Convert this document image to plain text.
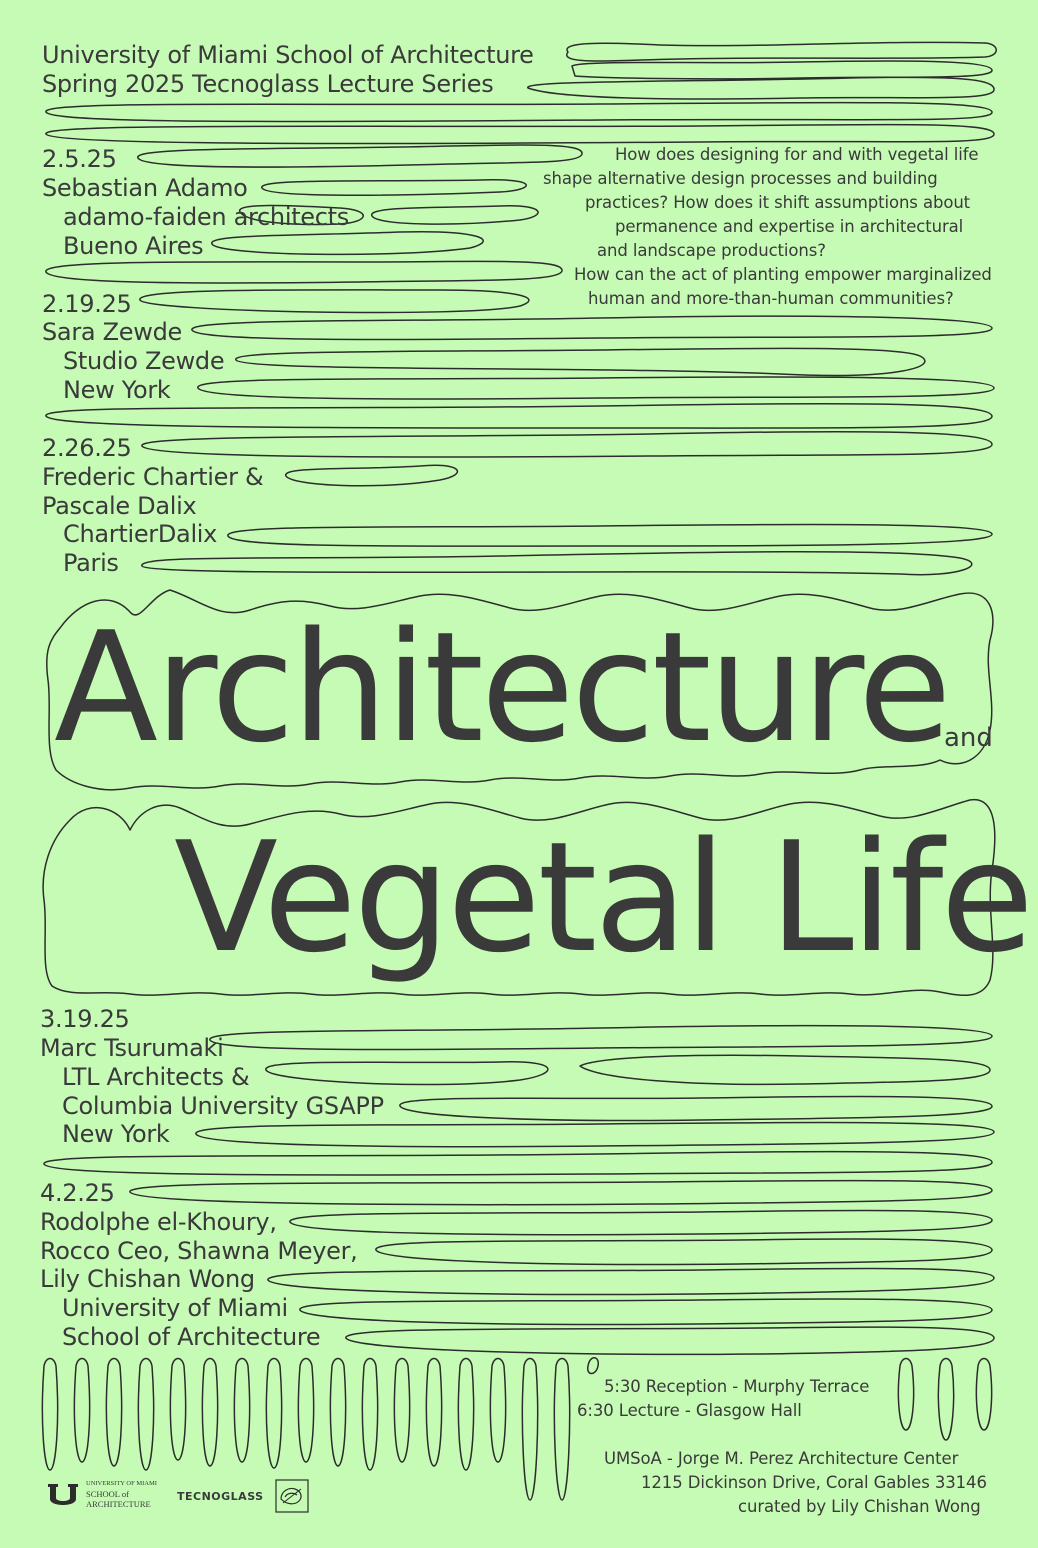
University of Miami School of Architecture
Spring 2025 Tecnoglass Lecture Series
How does designing for and with vegetal life
shape alternative design processes and building
practices? How does it shift assumptions about
permanence and expertise in architectural
and landscape productions?
How can the act of planting empower marginalized
human and more-than-human communities?
2.5.25
Sebastian Adamo
adamo-faiden architects
Bueno Aires
2.19.25
Sara Zewde
Studio Zewde
New York
2.26.25
Frederic Chartier &
Pascale Dalix
ChartierDalix
Paris
Architecture
and
Vegetal Life
3.19.25
Marc Tsurumaki
LTL Architects &
Columbia University GSAPP
New York
4.2.25
Rodolphe el-Khoury,
Rocco Ceo, Shawna Meyer,
Lily Chishan Wong
University of Miami
School of Architecture
5:30 Reception - Murphy Terrace
6:30 Lecture - Glasgow Hall
UMSoA - Jorge M. Perez Architecture Center
1215 Dickinson Drive, Coral Gables 33146
curated by Lily Chishan Wong
UNIVERSITY OF MIAMI
SCHOOL of
ARCHITECTURE
TECNOGLASS
